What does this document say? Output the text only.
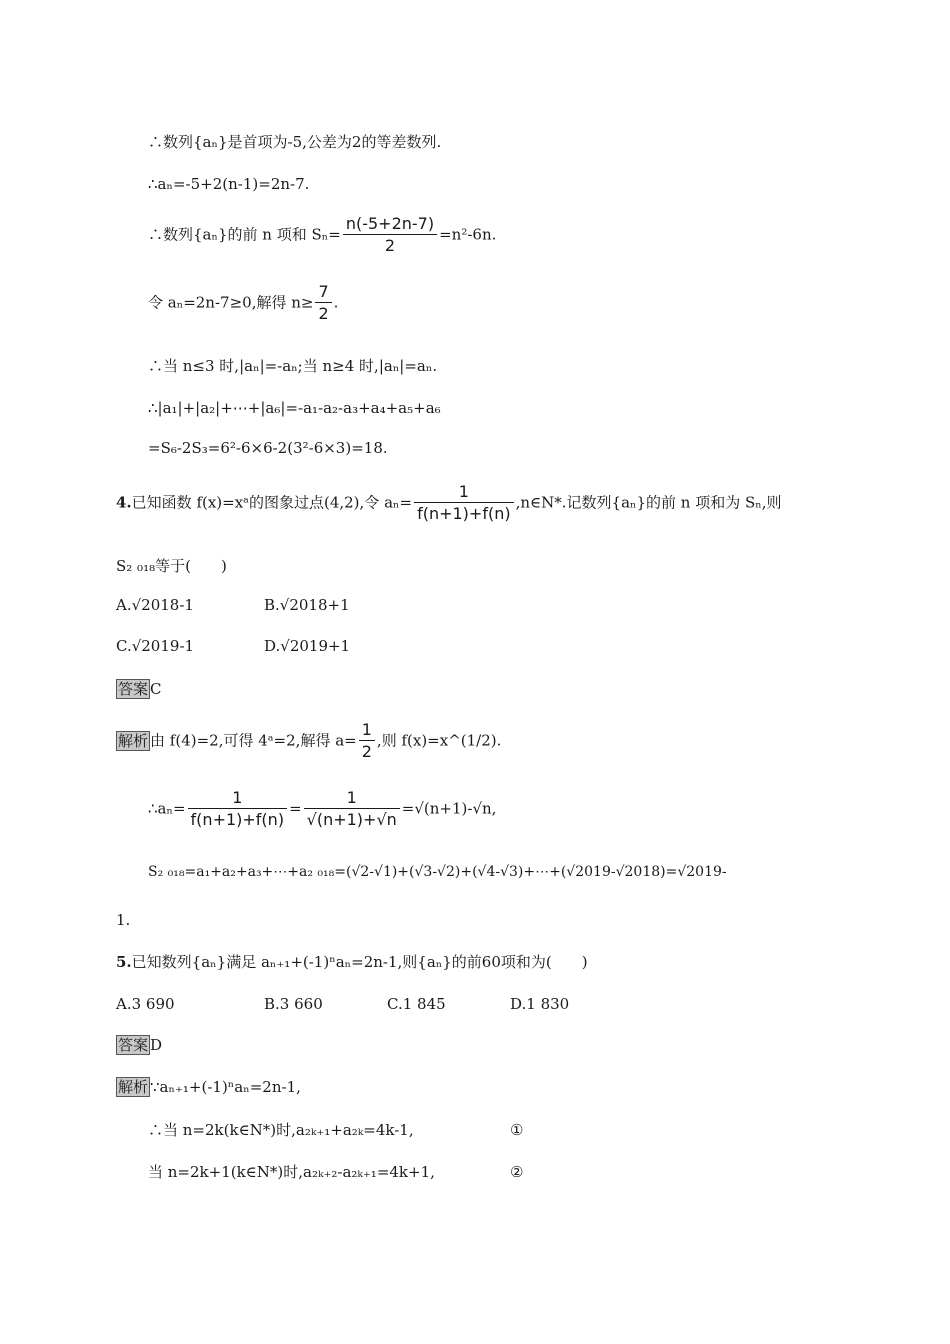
∴数列{aₙ}是首项为-5,公差为2的等差数列.
∴aₙ=-5+2(n-1)=2n-7.
∴数列{aₙ}的前 n 项和 $S_n= \frac{n(-5+2n-7)}{2} =n^2-6n$.
令 aₙ=2n-7≥0,解得 $n\ge \frac{7}{2}$ .
∴当 n≤3 时,|aₙ|=-aₙ;当 n≥4 时,|aₙ|=aₙ.
∴|a₁|+|a₂|+⋯+|a₆|=-a₁-a₂-a₃+a₄+a₅+a₆
=S₆-2S₃=6²-6×6-2(3²-6×3)=18.
4.已知函数 f(x)=xᵃ的图象过点(4,2),令 $a_n= \frac{1}{f(n+1)+f(n)}$ ,n∈N*.记数列{aₙ}的前 n 项和为 Sₙ,则
S₂ ₀₁₈等于(　　)
A.√2018-1	B.√2018+1
C.√2019-1	D.√2019+1
答案 C
解析 由 f(4)=2,可得 4ᵃ=2,解得 $a= \frac{1}{2}$ ,则 f(x)=x^(1/2).
∴aₙ= $\frac{1}{f(n+1)+f(n)} = \frac{1}{√(n+1)+√n} =√(n+1)-√n$,
S₂ ₀₁₈=a₁+a₂+a₃+⋯+a₂ ₀₁₈=(√2-√1)+(√3-√2)+(√4-√3)+⋯+(√2019-√2018)=√2019-
1.
5.已知数列{aₙ}满足 aₙ₊₁+(-1)ⁿaₙ=2n-1,则{aₙ}的前60项和为(　　)
A.3 690	B.3 660	C.1 845	D.1 830
答案 D
解析 ∵aₙ₊₁+(-1)ⁿaₙ=2n-1,
∴当 n=2k(k∈N*)时,a₂ₖ₊₁+a₂ₖ=4k-1,	①
当 n=2k+1(k∈N*)时,a₂ₖ₊₂-a₂ₖ₊₁=4k+1,	②
